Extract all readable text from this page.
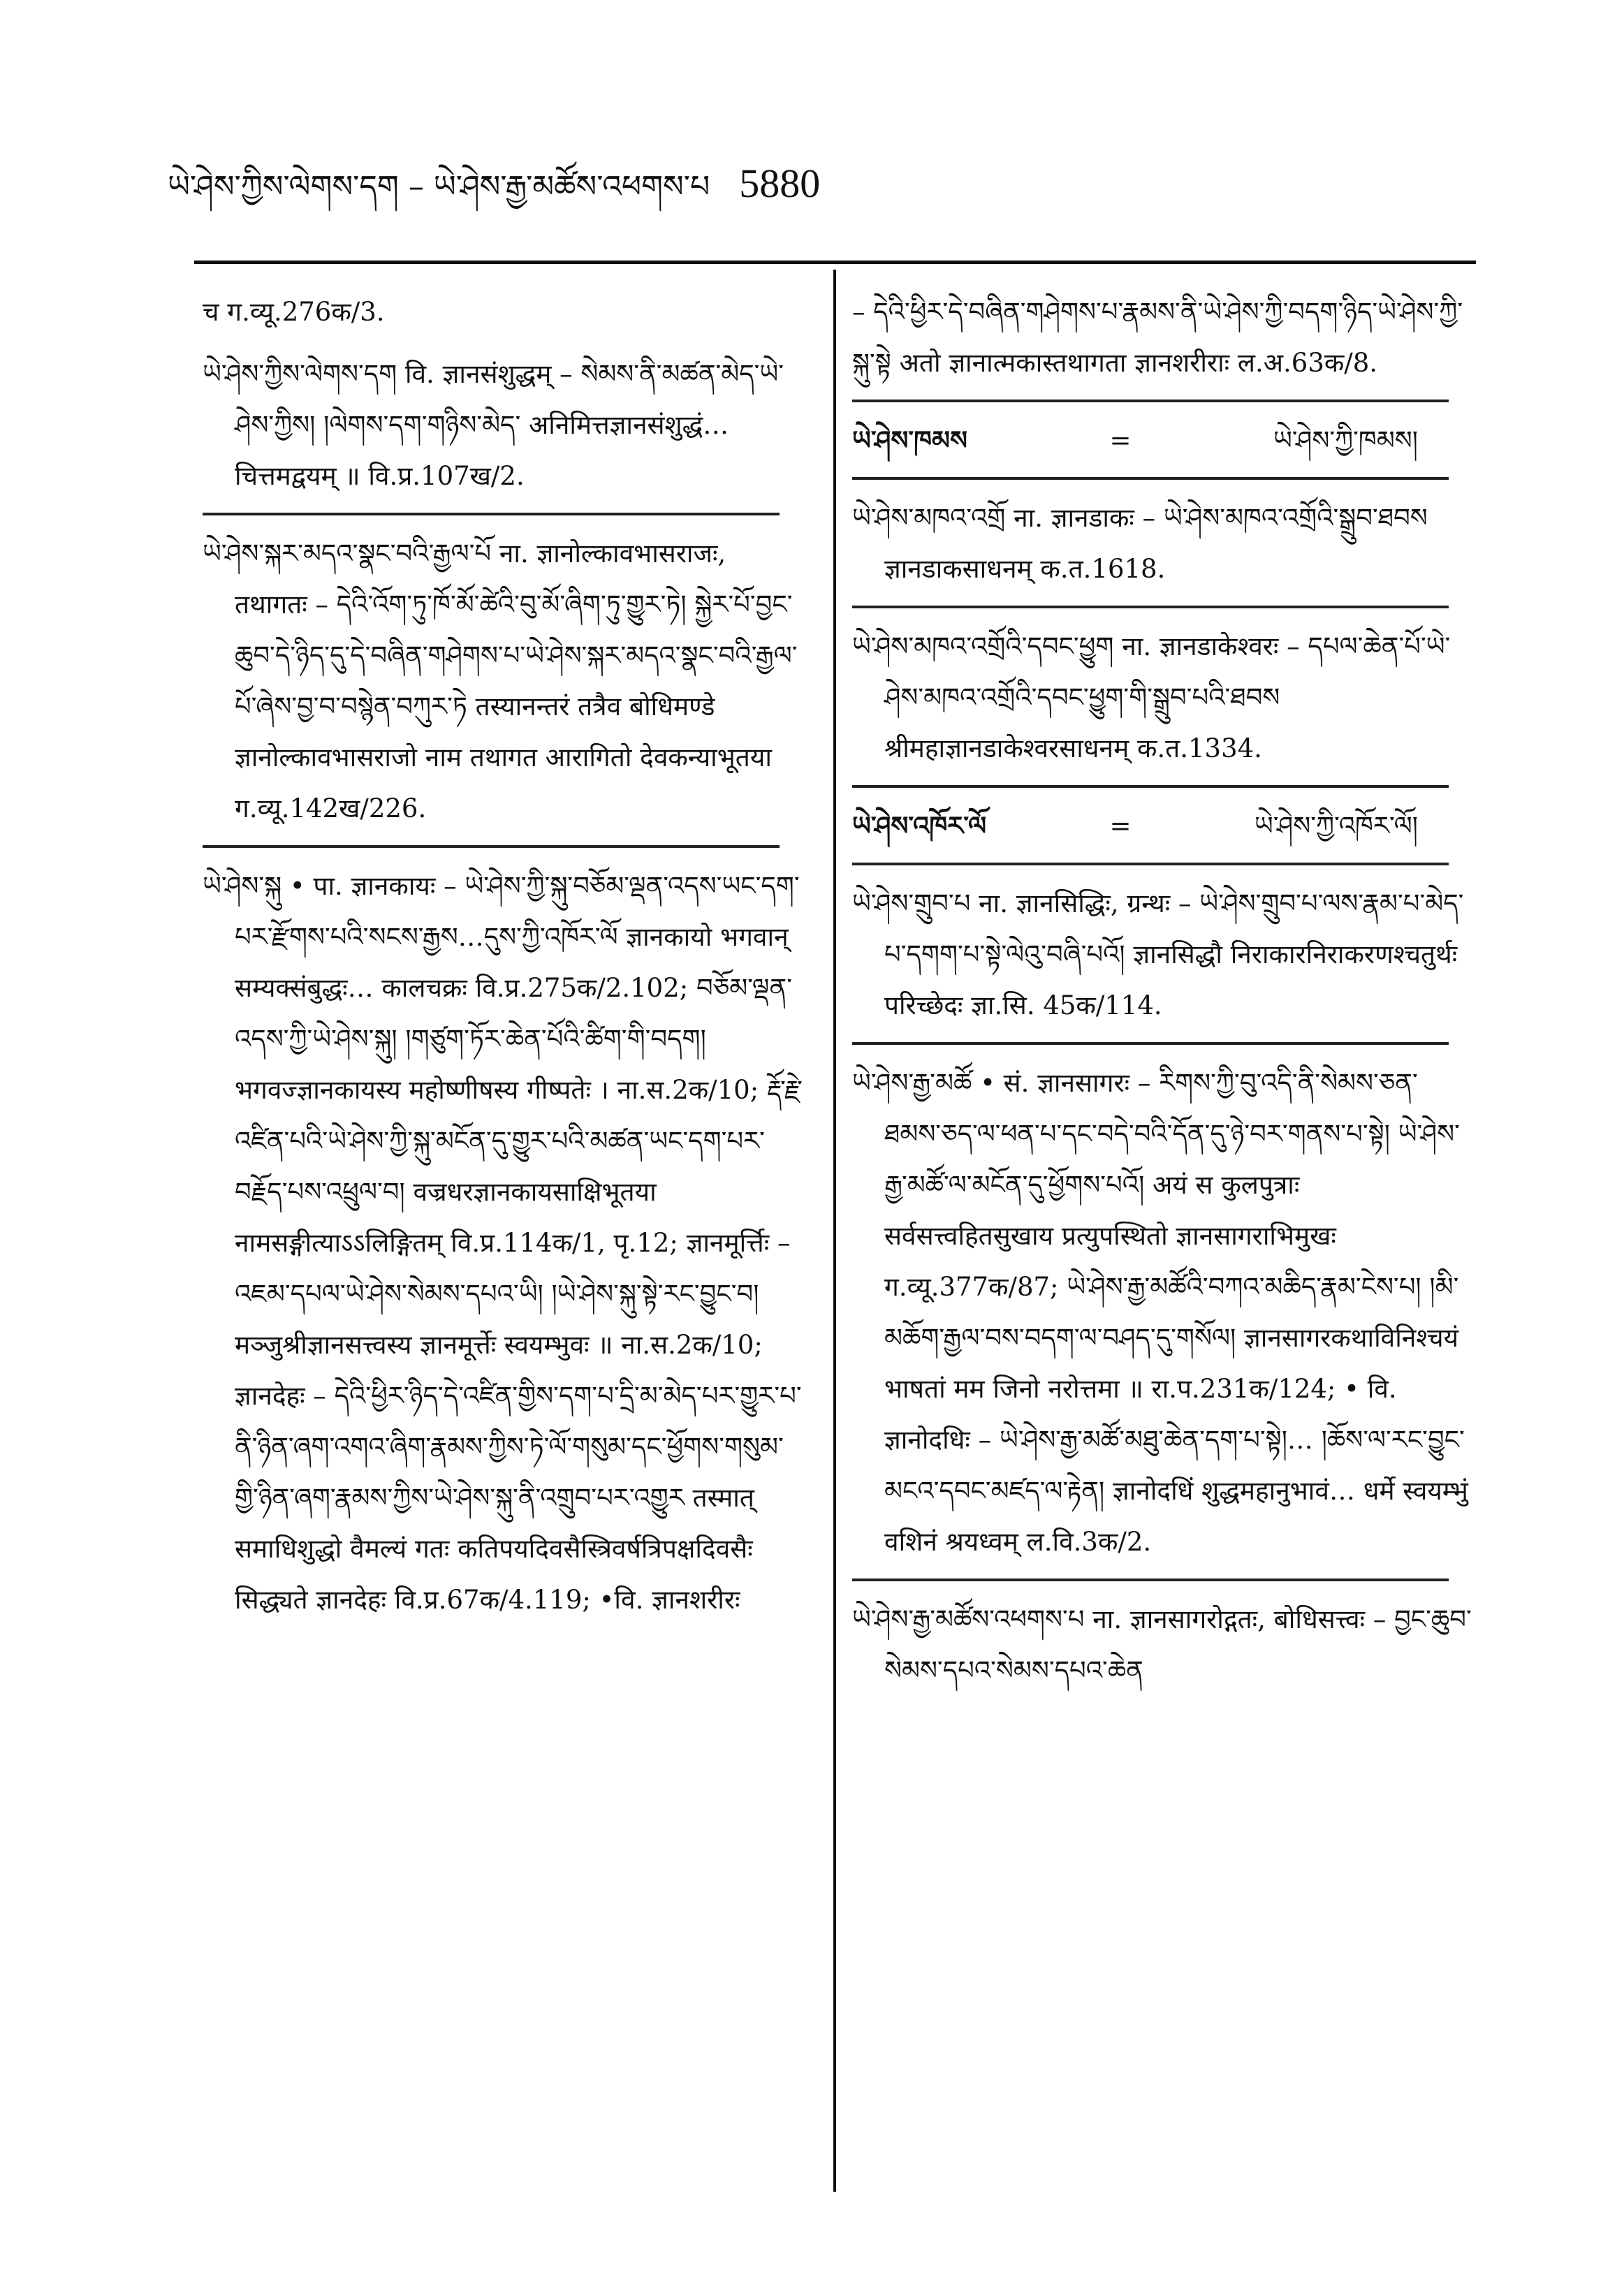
ཡེ་ཤེས་ཀྱིས་ལེགས་དག – ཡེ་ཤེས་རྒྱ་མཚོས་འཕགས་པ 5880
च ग.व्यू.276क/3.
ཡེ་ཤེས་ཀྱིས་ལེགས་དག वि. ज्ञानसंशुद्धम् – སེམས་ནི་མཚན་མེད་ཡེ་ཤེས་ཀྱིས། །ལེགས་དག་གཉིས་མེད་ अनिमित्तज्ञानसंशुद्धं…चित्तमद्वयम् ॥ वि.प्र.107ख/2.
ཡེ་ཤེས་སྐར་མདའ་སྣང་བའི་རྒྱལ་པོ ना. ज्ञानोल्कावभासराजः, तथागतः – དེའི་འོག་ཏུ་ཁོ་མོ་ཚེའི་བུ་མོ་ཞིག་ཏུ་གྱུར་ཏེ། སྐྱེར་པོ་བྱང་ཆུབ་དེ་ཉིད་དུ་དེ་བཞིན་གཤེགས་པ་ཡེ་ཤེས་སྐར་མདའ་སྣང་བའི་རྒྱལ་པོ་ཞེས་བྱ་བ་བསྙེན་བཀུར་ཏེ तस्यानन्तरं तत्रैव बोधिमण्डे ज्ञानोल्कावभासराजो नाम तथागत आरागितो देवकन्याभूतया ग.व्यू.142ख/226.
ཡེ་ཤེས་སྐུ • पा. ज्ञानकायः – ཡེ་ཤེས་ཀྱི་སྐུ་བཅོམ་ལྡན་འདས་ཡང་དག་པར་རྫོགས་པའི་སངས་རྒྱས…དུས་ཀྱི་འཁོར་ལོ ज्ञानकायो भगवान् सम्यक्संबुद्धः… कालचक्रः वि.प्र.275क/2.102; བཅོམ་ལྡན་འདས་ཀྱི་ཡེ་ཤེས་སྐུ། །གཙུག་ཏོར་ཆེན་པོའི་ཚིག་གི་བདག། भगवज्ज्ञानकायस्य महोष्णीषस्य गीष्पतेः । ना.स.2क/10; རྡོ་རྗེ་འཛིན་པའི་ཡེ་ཤེས་ཀྱི་སྐུ་མངོན་དུ་གྱུར་པའི་མཚན་ཡང་དག་པར་བརྗོད་པས་འཕྲུལ་བ། वज्रधरज्ञानकायसाक्षिभूतया नामसङ्गीत्याऽऽलिङ्गितम् वि.प्र.114क/1, पृ.12; ज्ञानमूर्त्तिः – འཇམ་དཔལ་ཡེ་ཤེས་སེམས་དཔའ་ཡི། །ཡེ་ཤེས་སྐུ་སྟེ་རང་བྱུང་བ། मञ्जुश्रीज्ञानसत्त्वस्य ज्ञानमूर्त्तेः स्वयम्भुवः ॥ ना.स.2क/10; ज्ञानदेहः – དེའི་ཕྱིར་ཉིད་དེ་འཛིན་གྱིས་དག་པ་དྲི་མ་མེད་པར་གྱུར་པ་ནི་ཉིན་ཞག་འགའ་ཞིག་རྣམས་ཀྱིས་ཏེ་ལོ་གསུམ་དང་ཕྱོགས་གསུམ་གྱི་ཉིན་ཞག་རྣམས་ཀྱིས་ཡེ་ཤེས་སྐུ་ནི་འགྲུབ་པར་འགྱུར तस्मात् समाधिशुद्धो वैमल्यं गतः कतिपयदिवसैस्त्रिवर्षत्रिपक्षदिवसैः सिद्ध्यते ज्ञानदेहः वि.प्र.67क/4.119; •वि. ज्ञानशरीरः
– དེའི་ཕྱིར་དེ་བཞིན་གཤེགས་པ་རྣམས་ནི་ཡེ་ཤེས་ཀྱི་བདག་ཉིད་ཡེ་ཤེས་ཀྱི་སྐུ་སྟེ अतो ज्ञानात्मकास्तथागता ज्ञानशरीराः ल.अ.63क/8.
ཡེ་ཤེས་ཁམས	=	ཡེ་ཤེས་ཀྱི་ཁམས།
ཡེ་ཤེས་མཁའ་འགྲོ ना. ज्ञानडाकः – ཡེ་ཤེས་མཁའ་འགྲོའི་སྒྲུབ་ཐབས ज्ञानडाकसाधनम् क.त.1618.
ཡེ་ཤེས་མཁའ་འགྲོའི་དབང་ཕྱུག ना. ज्ञानडाकेश्वरः – དཔལ་ཆེན་པོ་ཡེ་ཤེས་མཁའ་འགྲོའི་དབང་ཕྱུག་གི་སྒྲུབ་པའི་ཐབས श्रीमहाज्ञानडाकेश्वरसाधनम् क.त.1334.
ཡེ་ཤེས་འཁོར་ལོ	=	ཡེ་ཤེས་ཀྱི་འཁོར་ལོ།
ཡེ་ཤེས་གྲུབ་པ ना. ज्ञानसिद्धिः, ग्रन्थः – ཡེ་ཤེས་གྲུབ་པ་ལས་རྣམ་པ་མེད་པ་དགག་པ་སྟེ་ལེའུ་བཞི་པའོ། ज्ञानसिद्धौ निराकारनिराकरणश्चतुर्थः परिच्छेदः ज्ञा.सि. 45क/114.
ཡེ་ཤེས་རྒྱ་མཚོ • सं. ज्ञानसागरः – རིགས་ཀྱི་བུ་འདི་ནི་སེམས་ཅན་ཐམས་ཅད་ལ་ཕན་པ་དང་བདེ་བའི་དོན་དུ་ཉེ་བར་གནས་པ་སྟེ། ཡེ་ཤེས་རྒྱ་མཚོ་ལ་མངོན་དུ་ཕྱོགས་པའོ། अयं स कुलपुत्राः सर्वसत्त्वहितसुखाय प्रत्युपस्थितो ज्ञानसागराभिमुखः ग.व्यू.377क/87; ཡེ་ཤེས་རྒྱ་མཚོའི་བཀའ་མཆིད་རྣམ་ངེས་པ། །མི་མཆོག་རྒྱལ་བས་བདག་ལ་བཤད་དུ་གསོལ། ज्ञानसागरकथाविनिश्चयं भाषतां मम जिनो नरोत्तमा ॥ रा.प.231क/124; • वि. ज्ञानोदधिः – ཡེ་ཤེས་རྒྱ་མཚོ་མཐུ་ཆེན་དག་པ་སྟེ།… །ཆོས་ལ་རང་བྱུང་མངའ་དབང་མཛད་ལ་རྟེན། ज्ञानोदधिं शुद्धमहानुभावं… धर्मे स्वयम्भुं वशिनं श्रयध्वम् ल.वि.3क/2.
ཡེ་ཤེས་རྒྱ་མཚོས་འཕགས་པ ना. ज्ञानसागरोद्गतः, बोधिसत्त्वः – བྱང་ཆུབ་སེམས་དཔའ་སེམས་དཔའ་ཆེན
